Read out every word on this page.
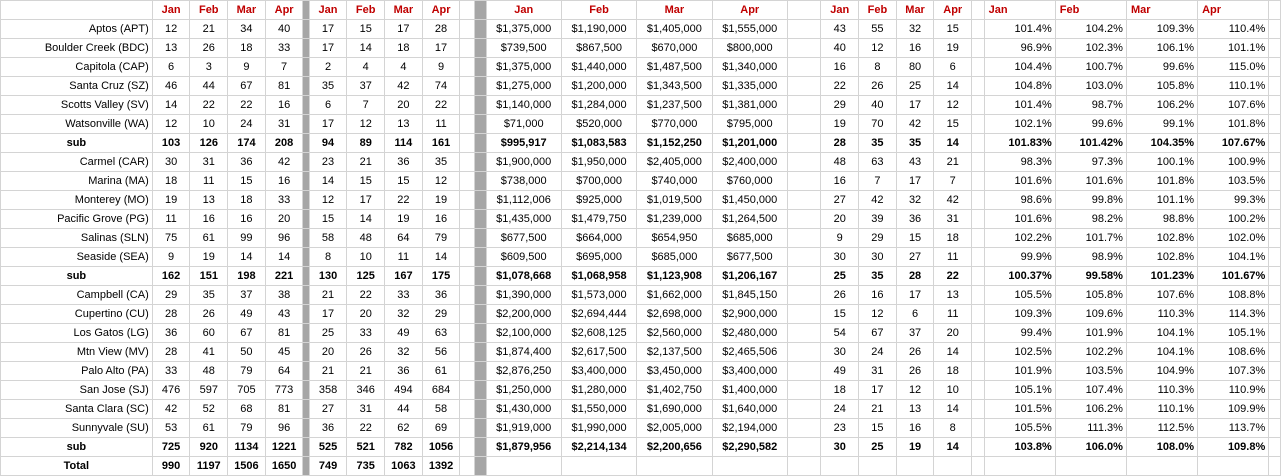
	Jan	Feb	Mar	Apr		Jan	Feb	Mar	Apr			Jan	Feb	Mar	Apr		Jan	Feb	Mar	Apr		Jan	Feb	Mar	Apr	
Aptos (APT)	12	21	34	40		17	15	17	28			$1,375,000	$1,190,000	$1,405,000	$1,555,000		43	55	32	15		101.4%	104.2%	109.3%	110.4%	
Boulder Creek (BDC)	13	26	18	33		17	14	18	17			$739,500	$867,500	$670,000	$800,000		40	12	16	19		96.9%	102.3%	106.1%	101.1%	
Capitola (CAP)	6	3	9	7		2	4	4	9			$1,375,000	$1,440,000	$1,487,500	$1,340,000		16	8	80	6		104.4%	100.7%	99.6%	115.0%	
Santa Cruz (SZ)	46	44	67	81		35	37	42	74			$1,275,000	$1,200,000	$1,343,500	$1,335,000		22	26	25	14		104.8%	103.0%	105.8%	110.1%	
Scotts Valley (SV)	14	22	22	16		6	7	20	22			$1,140,000	$1,284,000	$1,237,500	$1,381,000		29	40	17	12		101.4%	98.7%	106.2%	107.6%	
Watsonville (WA)	12	10	24	31		17	12	13	11			$71,000	$520,000	$770,000	$795,000		19	70	42	15		102.1%	99.6%	99.1%	101.8%	
sub	103	126	174	208		94	89	114	161			$995,917	$1,083,583	$1,152,250	$1,201,000		28	35	35	14		101.83%	101.42%	104.35%	107.67%	
Carmel (CAR)	30	31	36	42		23	21	36	35			$1,900,000	$1,950,000	$2,405,000	$2,400,000		48	63	43	21		98.3%	97.3%	100.1%	100.9%	
Marina (MA)	18	11	15	16		14	15	15	12			$738,000	$700,000	$740,000	$760,000		16	7	17	7		101.6%	101.6%	101.8%	103.5%	
Monterey (MO)	19	13	18	33		12	17	22	19			$1,112,006	$925,000	$1,019,500	$1,450,000		27	42	32	42		98.6%	99.8%	101.1%	99.3%	
Pacific Grove (PG)	11	16	16	20		15	14	19	16			$1,435,000	$1,479,750	$1,239,000	$1,264,500		20	39	36	31		101.6%	98.2%	98.8%	100.2%	
Salinas (SLN)	75	61	99	96		58	48	64	79			$677,500	$664,000	$654,950	$685,000		9	29	15	18		102.2%	101.7%	102.8%	102.0%	
Seaside (SEA)	9	19	14	14		8	10	11	14			$609,500	$695,000	$685,000	$677,500		30	30	27	11		99.9%	98.9%	102.8%	104.1%	
sub	162	151	198	221		130	125	167	175			$1,078,668	$1,068,958	$1,123,908	$1,206,167		25	35	28	22		100.37%	99.58%	101.23%	101.67%	
Campbell (CA)	29	35	37	38		21	22	33	36			$1,390,000	$1,573,000	$1,662,000	$1,845,150		26	16	17	13		105.5%	105.8%	107.6%	108.8%	
Cupertino (CU)	28	26	49	43		17	20	32	29			$2,200,000	$2,694,444	$2,698,000	$2,900,000		15	12	6	11		109.3%	109.6%	110.3%	114.3%	
Los Gatos (LG)	36	60	67	81		25	33	49	63			$2,100,000	$2,608,125	$2,560,000	$2,480,000		54	67	37	20		99.4%	101.9%	104.1%	105.1%	
Mtn View (MV)	28	41	50	45		20	26	32	56			$1,874,400	$2,617,500	$2,137,500	$2,465,506		30	24	26	14		102.5%	102.2%	104.1%	108.6%	
Palo Alto (PA)	33	48	79	64		21	21	36	61			$2,876,250	$3,400,000	$3,450,000	$3,400,000		49	31	26	18		101.9%	103.5%	104.9%	107.3%	
San Jose (SJ)	476	597	705	773		358	346	494	684			$1,250,000	$1,280,000	$1,402,750	$1,400,000		18	17	12	10		105.1%	107.4%	110.3%	110.9%	
Santa Clara (SC)	42	52	68	81		27	31	44	58			$1,430,000	$1,550,000	$1,690,000	$1,640,000		24	21	13	14		101.5%	106.2%	110.1%	109.9%	
Sunnyvale (SU)	53	61	79	96		36	22	62	69			$1,919,000	$1,990,000	$2,005,000	$2,194,000		23	15	16	8		105.5%	111.3%	112.5%	113.7%	
sub	725	920	1134	1221		525	521	782	1056			$1,879,956	$2,214,134	$2,200,656	$2,290,582		30	25	19	14		103.8%	106.0%	108.0%	109.8%	
Total	990	1197	1506	1650		749	735	1063	1392																	
